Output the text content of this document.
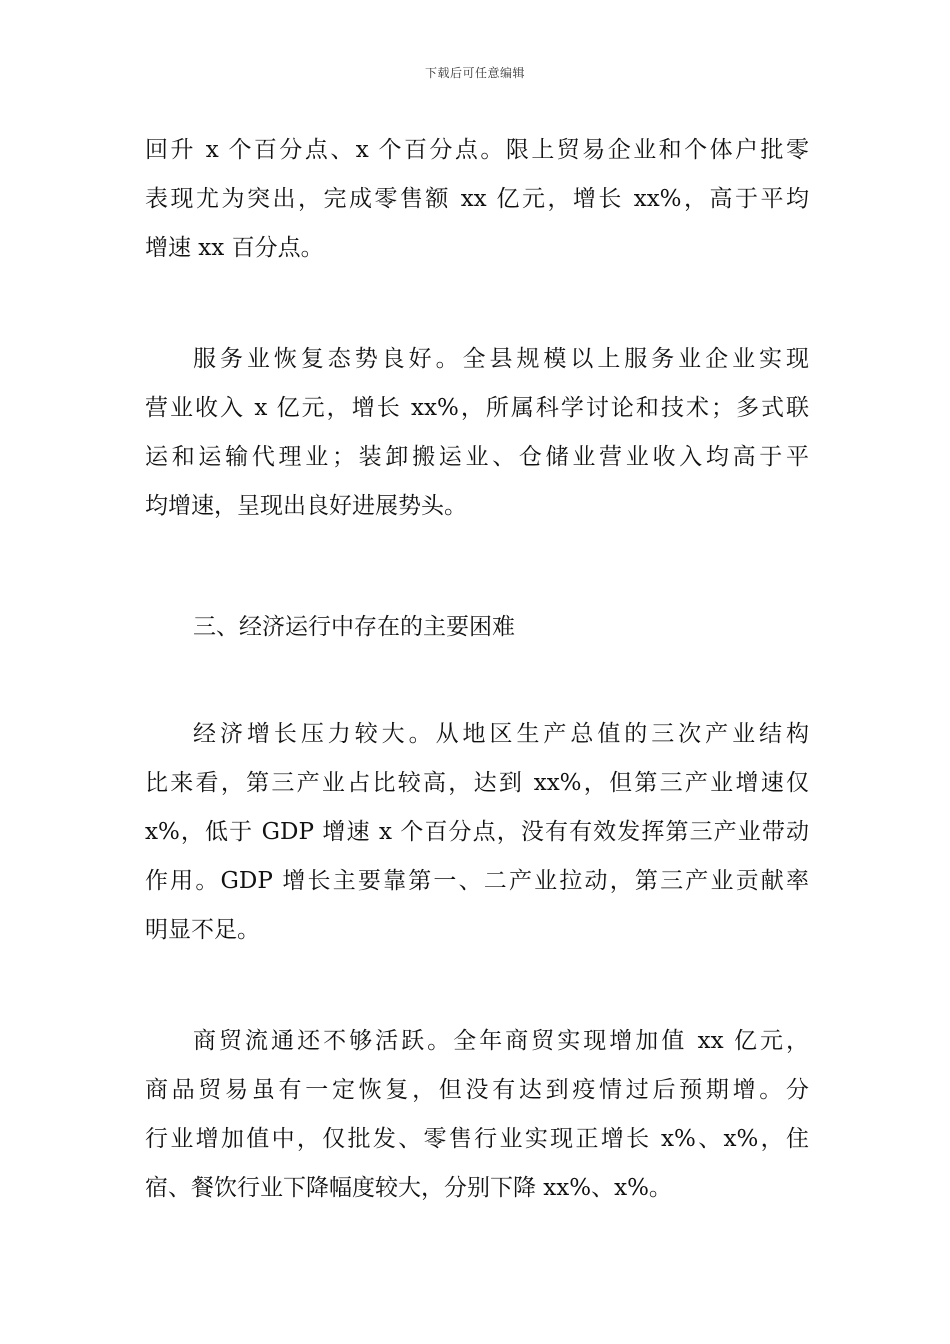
下载后可任意编辑
回升 x 个百分点、x 个百分点。限上贸易企业和个体户批零
表现尤为突出，完成零售额 xx 亿元，增长 xx%，高于平均
增速 xx 百分点。
服务业恢复态势良好。全县规模以上服务业企业实现
营业收入 x 亿元，增长 xx%，所属科学讨论和技术；多式联
运和运输代理业；装卸搬运业、仓储业营业收入均高于平
均增速，呈现出良好进展势头。
三、经济运行中存在的主要困难
经济增长压力较大。从地区生产总值的三次产业结构
比来看，第三产业占比较高，达到 xx%，但第三产业增速仅
x%，低于 GDP 增速 x 个百分点，没有有效发挥第三产业带动
作用。GDP 增长主要靠第一、二产业拉动，第三产业贡献率
明显不足。
商贸流通还不够活跃。全年商贸实现增加值 xx 亿元，
商品贸易虽有一定恢复，但没有达到疫情过后预期增。分
行业增加值中，仅批发、零售行业实现正增长 x%、x%，住
宿、餐饮行业下降幅度较大，分别下降 xx%、x%。
